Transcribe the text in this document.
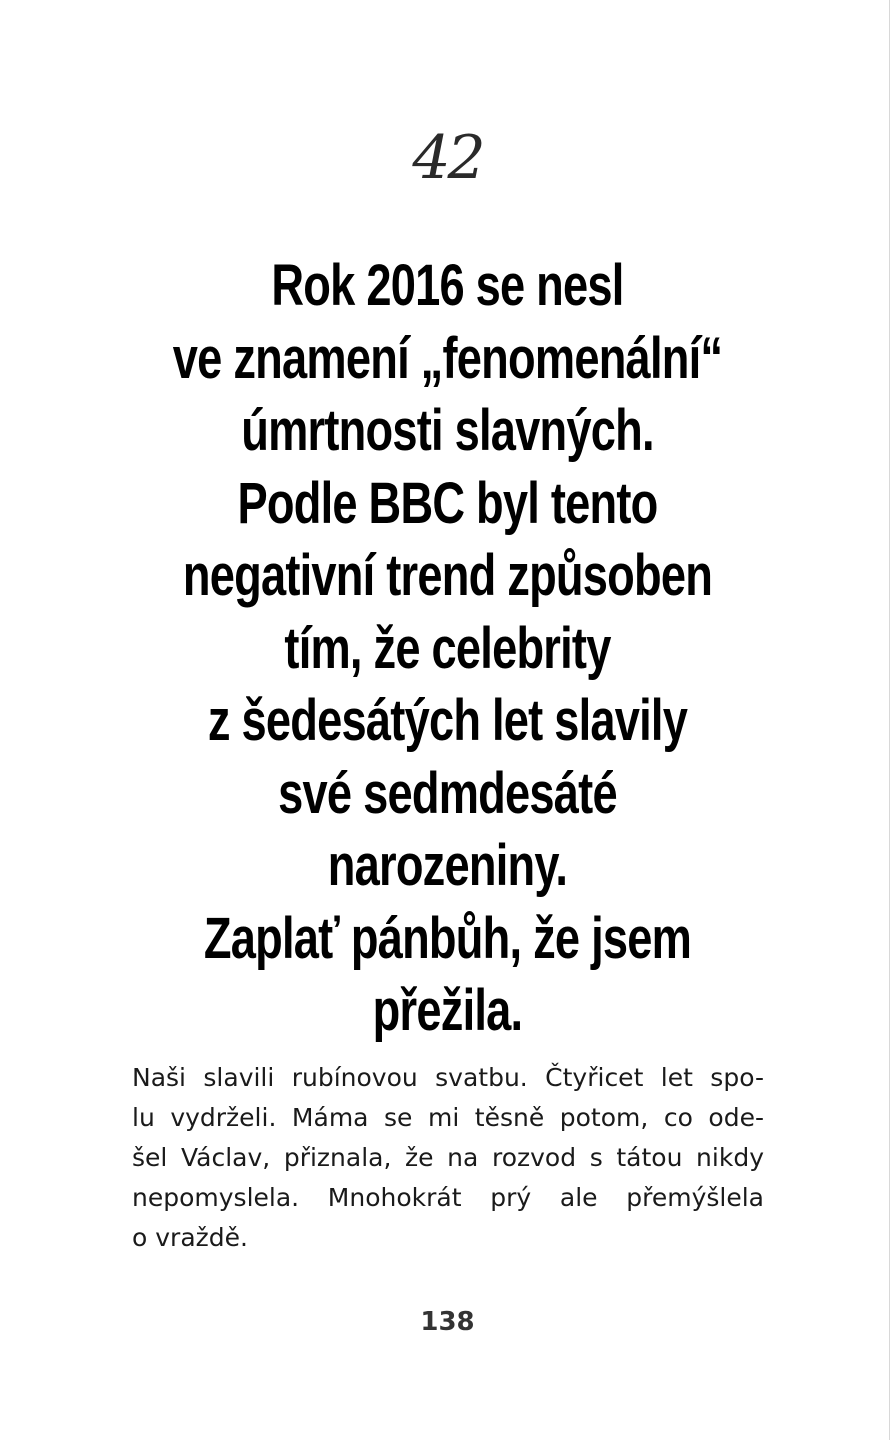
42
Rok 2016 se nesl
ve znamení „fenomenální“
úmrtnosti slavných.
Podle BBC byl tento
negativní trend způsoben
tím, že celebrity
z šedesátých let slavily
své sedmdesáté
narozeniny.
Zaplať pánbůh, že jsem
přežila.

Naši slavili rubínovou svatbu. Čtyřicet let spo-
lu vydrželi. Máma se mi těsně potom, co ode-
šel Václav, přiznala, že na rozvod s tátou nikdy
nepomyslela. Mnohokrát prý ale přemýšlela
o vraždě.

138
